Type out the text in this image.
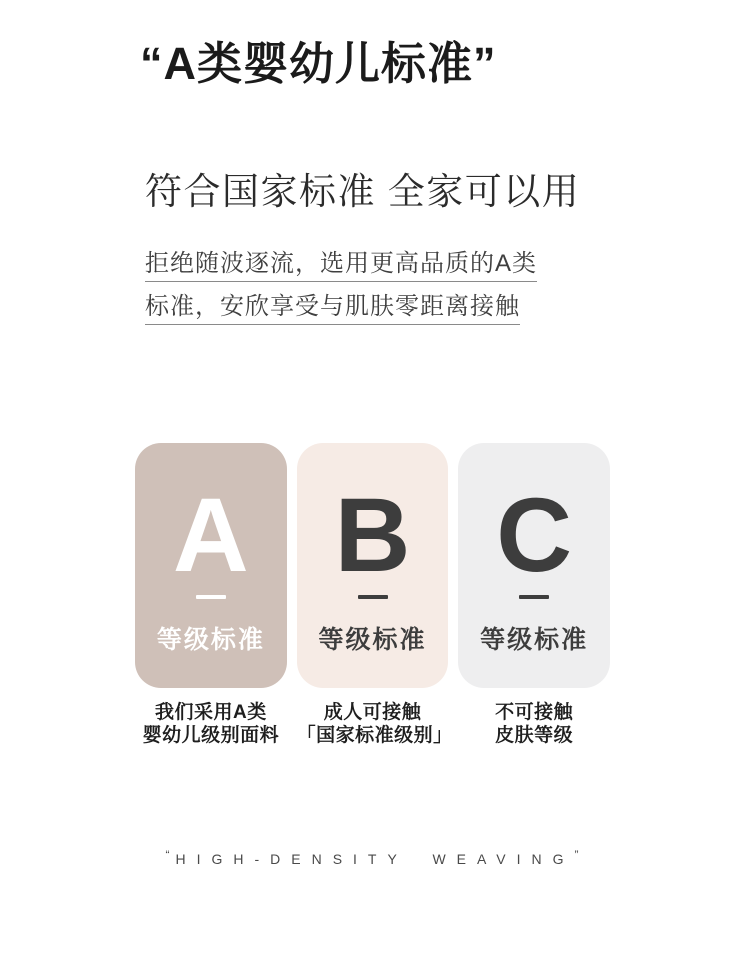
“A类婴幼儿标准”
符合国家标准 全家可以用
拒绝随波逐流，选用更高品质的A类
标准，安欣享受与肌肤零距离接触
A
等级标准
B
等级标准
C
等级标准
我们采用A类
婴幼儿级别面料
成人可接触
「国家标准级别」
不可接触
皮肤等级
“HIGH-DENSITY WEAVING”
